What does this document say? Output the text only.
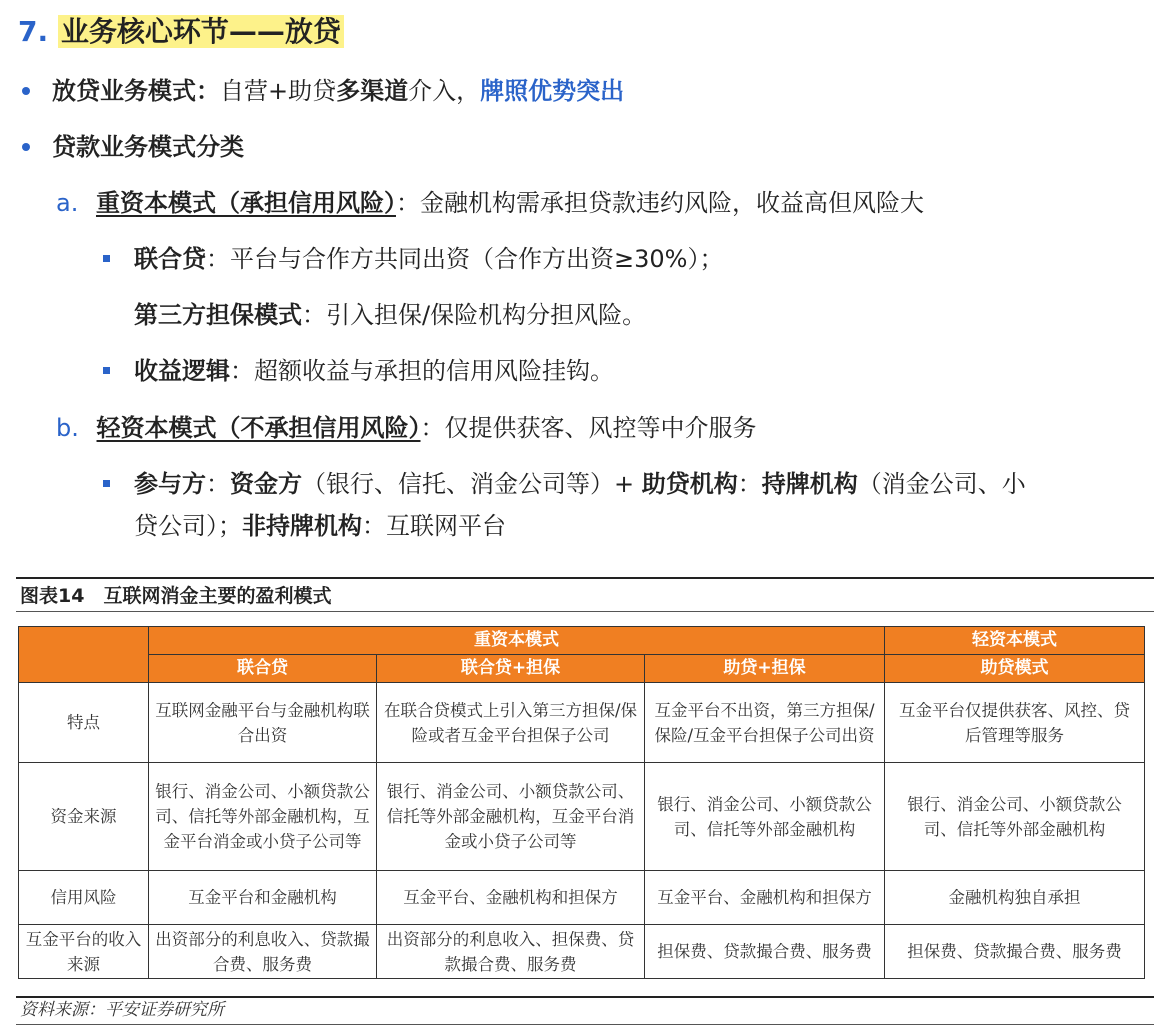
7. 业务核心环节——放贷
放贷业务模式：自营+助贷多渠道介入，牌照优势突出
贷款业务模式分类
a. 重资本模式（承担信用风险）：金融机构需承担贷款违约风险，收益高但风险大
联合贷：平台与合作方共同出资（合作方出资≥30%）；
第三方担保模式：引入担保/保险机构分担风险。
收益逻辑：超额收益与承担的信用风险挂钩。
b. 轻资本模式（不承担信用风险）：仅提供获客、风控等中介服务
参与方：资金方（银行、信托、消金公司等）+ 助贷机构：持牌机构（消金公司、小
贷公司）；非持牌机构：互联网平台
图表14　互联网消金主要的盈利模式
	重资本模式			轻资本模式
	联合贷	联合贷+担保	助贷+担保	助贷模式
特点	互联网金融平台与金融机构联合出资	在联合贷模式上引入第三方担保/保险或者互金平台担保子公司	互金平台不出资，第三方担保/保险/互金平台担保子公司出资	互金平台仅提供获客、风控、贷后管理等服务
资金来源	银行、消金公司、小额贷款公司、信托等外部金融机构，互金平台消金或小贷子公司等	银行、消金公司、小额贷款公司、信托等外部金融机构，互金平台消金或小贷子公司等	银行、消金公司、小额贷款公司、信托等外部金融机构	银行、消金公司、小额贷款公司、信托等外部金融机构
信用风险	互金平台和金融机构	互金平台、金融机构和担保方	互金平台、金融机构和担保方	金融机构独自承担
互金平台的收入来源	出资部分的利息收入、贷款撮合费、服务费	出资部分的利息收入、担保费、贷款撮合费、服务费	担保费、贷款撮合费、服务费	担保费、贷款撮合费、服务费
资料来源：平安证券研究所
